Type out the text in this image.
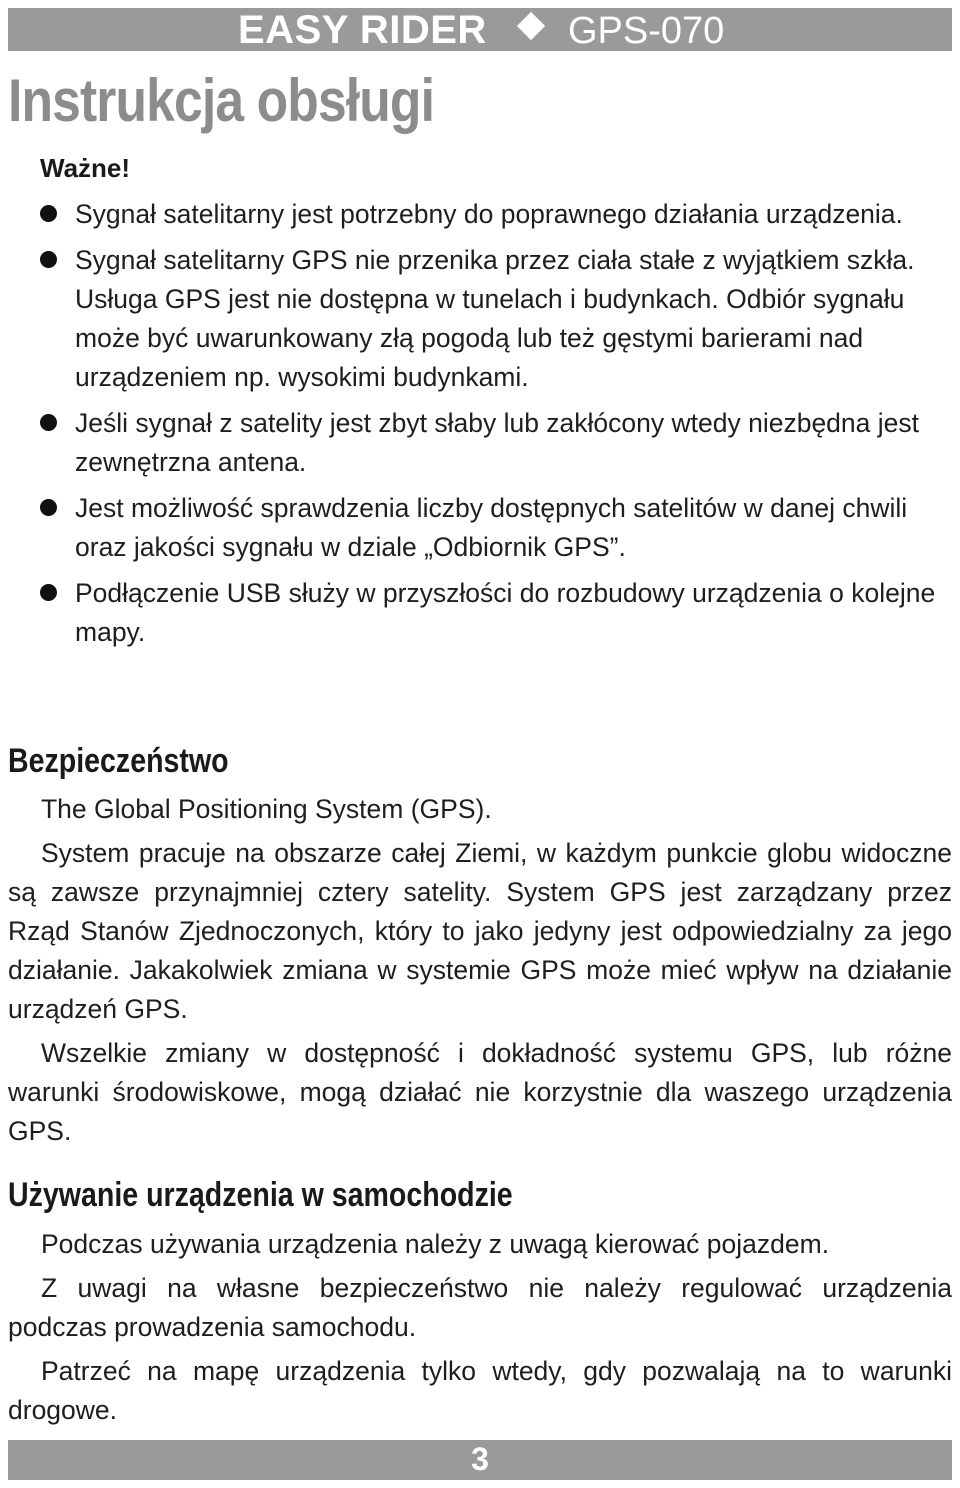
EASY RIDER GPS-070
Instrukcja obsługi
Ważne!
Sygnał satelitarny jest potrzebny do poprawnego działania urządzenia.
Sygnał satelitarny GPS nie przenika przez ciała stałe z wyjątkiem szkła. Usługa GPS jest nie dostępna w tunelach i budynkach. Odbiór sygnału może być uwarunkowany złą pogodą lub też gęstymi barierami nad urządzeniem np. wysokimi budynkami.
Jeśli sygnał z satelity jest zbyt słaby lub zakłócony wtedy niezbędna jest zewnętrzna antena.
Jest możliwość sprawdzenia liczby dostępnych satelitów w danej chwili oraz jakości sygnału w dziale „Odbiornik GPS”.
Podłączenie USB służy w przyszłości do rozbudowy urządzenia o kolejne mapy.
Bezpieczeństwo

The Global Positioning System (GPS).

System pracuje na obszarze całej Ziemi, w każdym punkcie globu widoczne są zawsze przynajmniej cztery satelity. System GPS jest zarządzany przez Rząd Stanów Zjednoczonych, który to jako jedyny jest odpowiedzialny za jego działanie. Jakakolwiek zmiana w systemie GPS może mieć wpływ na działanie urządzeń GPS.

Wszelkie zmiany w dostępność i dokładność systemu GPS, lub różne warunki środowiskowe, mogą działać nie korzystnie dla waszego urządzenia GPS.

Używanie urządzenia w samochodzie

Podczas używania urządzenia należy z uwagą kierować pojazdem.

Z uwagi na własne bezpieczeństwo nie należy regulować urządzenia podczas prowadzenia samochodu.

Patrzeć na mapę urządzenia tylko wtedy, gdy pozwalają na to warunki drogowe.

3
